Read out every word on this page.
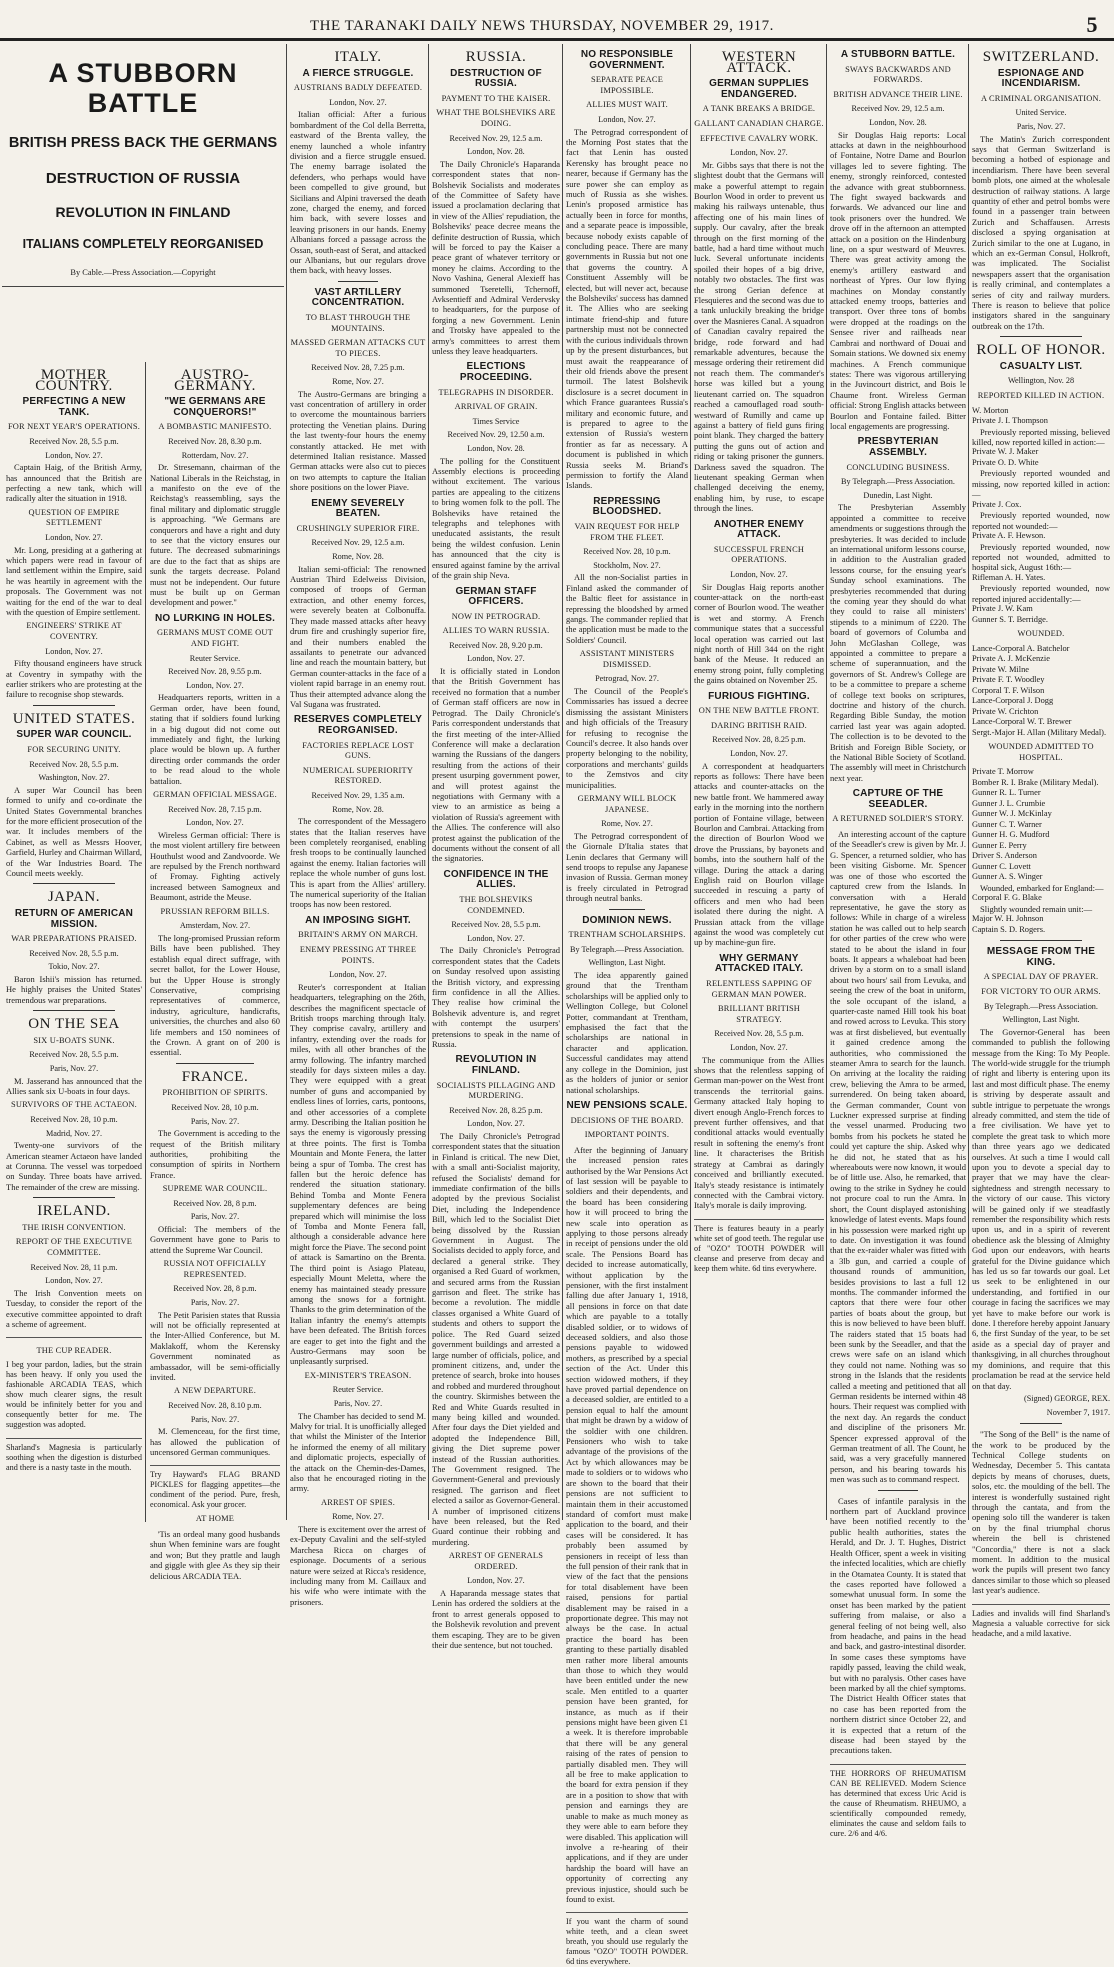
THE TARANAKI DAILY NEWS THURSDAY, NOVEMBER 29, 1917.	5
A STUBBORN BATTLE
BRITISH PRESS BACK THE GERMANS
DESTRUCTION OF RUSSIA
REVOLUTION IN FINLAND
ITALIANS COMPLETELY REORGANISED
By Cable.—Press Association.—Copyright
MOTHER COUNTRY.
PERFECTING A NEW TANK.
FOR NEXT YEAR'S OPERATIONS.
Received Nov. 28, 5.5 p.m.
London, Nov. 27.
Captain Haig, of the British Army, has announced that the British are perfecting a new tank, which will radically alter the situation in 1918.
QUESTION OF EMPIRE SETTLEMENT
London, Nov. 27.
Mr. Long, presiding at a gathering at which papers were read in favour of land settlement within the Empire, said he was heartily in agreement with the proposals. The Government was not waiting for the end of the war to deal with the question of Empire settlement.
ENGINEERS' STRIKE AT COVENTRY.
London, Nov. 27.
Fifty thousand engineers have struck at Coventry in sympathy with the earlier strikers who are protesting at the failure to recognise shop stewards.
UNITED STATES.
SUPER WAR COUNCIL.
FOR SECURING UNITY.
Received Nov. 28, 5.5 p.m.
Washington, Nov. 27.
A super War Council has been formed to unify and co-ordinate the United States Governmental branches for the more efficient prosecution of the war. It includes members of the Cabinet, as well as Messrs Hoover, Garfield, Hurley and Chairman Willard, of the War Industries Board. The Council meets weekly.
JAPAN.
RETURN OF AMERICAN MISSION.
WAR PREPARATIONS PRAISED.
Received Nov. 28, 5.5 p.m.
Tokio, Nov. 27.
Baron Ishii's mission has returned. He highly praises the United States' tremendous war preparations.
ON THE SEA
SIX U-BOATS SUNK.
Received Nov. 28, 5.5 p.m.
Paris, Nov. 27.
M. Jasserand has announced that the Allies sank six U-boats in four days.
SURVIVORS OF THE ACTAEON.
Received Nov. 28, 10 p.m.
Madrid, Nov. 27.
Twenty-one survivors of the American steamer Actaeon have landed at Corunna. The vessel was torpedoed on Sunday. Three boats have arrived. The remainder of the crew are missing.
IRELAND.
THE IRISH CONVENTION.
REPORT OF THE EXECUTIVE COMMITTEE.
Received Nov. 28, 11 p.m.
London, Nov. 27.
The Irish Convention meets on Tuesday, to consider the report of the executive committee appointed to draft a scheme of agreement.
THE CUP READER.
I beg your pardon, ladies, but the strain has been heavy. If only you used the fashionable ARCADIA TEAS, which show much clearer signs, the result would be infinitely better for you and consequently better for me. The suggestion was adopted.
Sharland's Magnesia is particularly soothing when the digestion is disturbed and there is a nasty taste in the mouth.
AUSTRO-GERMANY.
"WE GERMANS ARE CONQUERORS!"
A BOMBASTIC MANIFESTO.
Received Nov. 28, 8.30 p.m.
Rotterdam, Nov. 27.
Dr. Stresemann, chairman of the National Liberals in the Reichstag, in a manifesto on the eve of the Reichstag's reassembling, says the final military and diplomatic struggle is approaching. "We Germans are conquerors and have a right and duty to see that the victory ensures our future. The decreased submarinings are due to the fact that as ships are sunk the targets decrease. Poland must not be independent. Our future must be built up on German development and power."
NO LURKING IN HOLES.
GERMANS MUST COME OUT AND FIGHT.
Reuter Service.
Received Nov. 28, 9.55 p.m.
London, Nov. 27.
Headquarters reports, written in a German order, have been found, stating that if soldiers found lurking in a big dugout did not come out immediately and fight, the lurking place would be blown up. A further directing order commands the order to be read aloud to the whole battalion.
GERMAN OFFICIAL MESSAGE.
Received Nov. 28, 7.15 p.m.
London, Nov. 27.
Wireless German official: There is the most violent artillery fire between Houthulst wood and Zandvoorde. We are repulsed by the French northward of Fromay. Fighting actively increased between Samogneux and Beaumont, astride the Meuse.
PRUSSIAN REFORM BILLS.
Amsterdam, Nov. 27.
The long-promised Prussian reform Bills have been published. They establish equal direct suffrage, with secret ballot, for the Lower House, but the Upper House is strongly Conservative, comprising representatives of commerce, industry, agriculture, handicrafts, universities, the churches and also 60 life members and 150 nominees of the Crown. A grant on of 200 is essential.
FRANCE.
PROHIBITION OF SPIRITS.
Received Nov. 28, 10 p.m.
Paris, Nov. 27.
The Government is acceding to the request of the British military authorities, prohibiting the consumption of spirits in Northern France.
SUPREME WAR COUNCIL.
Received Nov. 28, 8 p.m.
Paris, Nov. 27.
Official: The members of the Government have gone to Paris to attend the Supreme War Council.
RUSSIA NOT OFFICIALLY REPRESENTED.
Received Nov. 28, 8 p.m.
Paris, Nov. 27.
The Petit Parisien states that Russia will not be officially represented at the Inter-Allied Conference, but M. Maklakoff, whom the Kerensky Government nominated as ambassador, will be semi-officially invited.
A NEW DEPARTURE.
Received Nov. 28, 8.10 p.m.
Paris, Nov. 27.
M. Clemenceau, for the first time, has allowed the publication of uncensored German communiques.
Try Hayward's FLAG BRAND PICKLES for flagging appetites—the condiment of the period. Pure, fresh, economical. Ask your grocer.
AT HOME
'Tis an ordeal many good husbands shun When feminine wars are fought and won; But they prattle and laugh and giggle with glee As they sip their delicious ARCADIA TEA.
ITALY.
A FIERCE STRUGGLE.
AUSTRIANS BADLY DEFEATED.
London, Nov. 27.
Italian official: After a furious bombardment of the Col della Berretta, eastward of the Brenta valley, the enemy launched a whole infantry division and a fierce struggle ensued. The enemy barrage isolated the defenders, who perhaps would have been compelled to give ground, but Sicilians and Alpini traversed the death zone, charged the enemy, and forced him back, with severe losses and leaving prisoners in our hands. Enemy Albanians forced a passage across the Ossan, south-east of Serat, and attacked our Albanians, but our regulars drove them back, with heavy losses.
VAST ARTILLERY CONCENTRATION.
TO BLAST THROUGH THE MOUNTAINS.
MASSED GERMAN ATTACKS CUT TO PIECES.
Received Nov. 28, 7.25 p.m.
Rome, Nov. 27.
The Austro-Germans are bringing a vast concentration of artillery in order to overcome the mountainous barriers protecting the Venetian plains. During the last twenty-four hours the enemy constantly attacked. He met with determined Italian resistance. Massed German attacks were also cut to pieces on two attempts to capture the Italian shore positions on the lower Piave.
ENEMY SEVERELY BEATEN.
CRUSHINGLY SUPERIOR FIRE.
Received Nov. 29, 12.5 a.m.
Rome, Nov. 28.
Italian semi-official: The renowned Austrian Third Edelweiss Division, composed of troops of German extraction, and other enemy forces, were severely beaten at Colbonuffa. They made massed attacks after heavy drum fire and crushingly superior fire, and their numbers enabled the assailants to penetrate our advanced line and reach the mountain battery, but German counter-attacks in the face of a violent rapid barrage in an enemy rout. Thus their attempted advance along the Val Sugana was frustrated.
RESERVES COMPLETELY REORGANISED.
FACTORIES REPLACE LOST GUNS.
NUMERICAL SUPERIORITY RESTORED.
Received Nov. 29, 1.35 a.m.
Rome, Nov. 28.
The correspondent of the Messagero states that the Italian reserves have been completely reorganised, enabling fresh troops to be continually launched against the enemy. Italian factories will replace the whole number of guns lost. This is apart from the Allies' artillery. The numerical superiority of the Italian troops has now been restored.
AN IMPOSING SIGHT.
BRITAIN'S ARMY ON MARCH.
ENEMY PRESSING AT THREE POINTS.
London, Nov. 27.
Reuter's correspondent at Italian headquarters, telegraphing on the 26th, describes the magnificent spectacle of British troops marching through Italy. They comprise cavalry, artillery and infantry, extending over the roads for miles, with all other branches of the army following. The infantry marched steadily for days sixteen miles a day. They were equipped with a great number of guns and accompanied by endless lines of lorries, carts, pontoons, and other accessories of a complete army. Describing the Italian position he says the enemy is vigorously pressing at three points. The first is Tomba Mountain and Monte Fenera, the latter being a spur of Tomba. The crest has fallen but the heroic defence has rendered the situation stationary. Behind Tomba and Monte Fenera supplementary defences are being prepared which will minimise the loss of Tomba and Monte Fenera fall, although a considerable advance here might force the Piave. The second point of attack is Samartino on the Brenta. The third point is Asiago Plateau, especially Mount Meletta, where the enemy has maintained steady pressure among the snows for a fortnight. Thanks to the grim determination of the Italian infantry the enemy's attempts have been defeated. The British forces are eager to get into the fight and the Austro-Germans may soon be unpleasantly surprised.
EX-MINISTER'S TREASON.
Reuter Service.
Paris, Nov. 27.
The Chamber has decided to send M. Malvy for trial. It is unofficially alleged that whilst the Minister of the Interior he informed the enemy of all military and diplomatic projects, especially of the attack on the Chemin-des-Dames, also that he encouraged rioting in the army.
ARREST OF SPIES.
Rome, Nov. 27.
There is excitement over the arrest of ex-Deputy Cavalini and the self-styled Marchesa Ricca on charges of espionage. Documents of a serious nature were seized at Ricca's residence, including many from M. Caillaux and his wife who were intimate with the prisoners.
RUSSIA.
DESTRUCTION OF RUSSIA.
PAYMENT TO THE KAISER.
WHAT THE BOLSHEVIKS ARE DOING.
Received Nov. 29, 12.5 a.m.
London, Nov. 28.
The Daily Chronicle's Haparanda correspondent states that non-Bolshevik Socialists and moderates of the Committee of Safety have issued a proclamation declaring that in view of the Allies' repudiation, the Bolsheviks' peace decree means the definite destruction of Russia, which will be forced to pay the Kaiser a peace grant of whatever territory or money he claims. According to the Novo Vashina, General Alexieff has summoned Tseretelli, Tchernoff, Avksentieff and Admiral Verdervsky to headquarters, for the purpose of forging a new Government. Lenin and Trotsky have appealed to the army's committees to arrest them unless they leave headquarters.
ELECTIONS PROCEEDING.
TELEGRAPHS IN DISORDER.
ARRIVAL OF GRAIN.
Times Service
Received Nov. 29, 12.50 a.m.
London, Nov. 28.
The polling for the Constituent Assembly elections is proceeding without excitement. The various parties are appealing to the citizens to bring women folk to the poll. The Bolsheviks have retained the telegraphs and telephones with uneducated assistants, the result being the wildest confusion. Lenin has announced that the city is ensured against famine by the arrival of the grain ship Neva.
GERMAN STAFF OFFICERS.
NOW IN PETROGRAD.
ALLIES TO WARN RUSSIA.
Received Nov. 28, 9.20 p.m.
London, Nov. 27.
It is officially stated in London that the British Government has received no formation that a number of German staff officers are now in Petrograd. The Daily Chronicle's Paris correspondent understands that the first meeting of the inter-Allied Conference will make a declaration warning the Russians of the dangers resulting from the actions of their present usurping government power, and will protest against the negotiations with Germany with a view to an armistice as being a violation of Russia's agreement with the Allies. The conference will also protest against the publication of the documents without the consent of all the signatories.
CONFIDENCE IN THE ALLIES.
THE BOLSHEVIKS CONDEMNED.
Received Nov. 28, 5.5 p.m.
London, Nov. 27.
The Daily Chronicle's Petrograd correspondent states that the Cadets on Sunday resolved upon assisting the British victory, and expressing firm confidence in all the Allies. They realise how criminal the Bolshevik adventure is, and regret with contempt the usurpers' pretensions to speak in the name of Russia.
REVOLUTION IN FINLAND.
SOCIALISTS PILLAGING AND MURDERING.
Received Nov. 28, 8.25 p.m.
London, Nov. 27.
The Daily Chronicle's Petrograd correspondent states that the situation in Finland is critical. The new Diet, with a small anti-Socialist majority, refused the Socialists' demand for immediate confirmation of the bills adopted by the previous Socialist Diet, including the Independence Bill, which led to the Socialist Diet being dissolved by the Russian Government in August. The Socialists decided to apply force, and declared a general strike. They organised a Red Guard of workmen, and secured arms from the Russian garrison and fleet. The strike has become a revolution. The middle classes organised a White Guard of students and others to support the police. The Red Guard seized government buildings and arrested a large number of officials, police, and prominent citizens, and, under the pretence of search, broke into houses and robbed and murdered throughout the country. Skirmishes between the Red and White Guards resulted in many being killed and wounded. After four days the Diet yielded and adopted the Independence Bill, giving the Diet supreme power instead of the Russian authorities. The Government resigned. The Government-General and previously resigned. The garrison and fleet elected a sailor as Governor-General. A number of imprisoned citizens have been released, but the Red Guard continue their robbing and murdering.
ARREST OF GENERALS ORDERED.
London, Nov. 27.
A Haparanda message states that Lenin has ordered the soldiers at the front to arrest generals opposed to the Bolshevik revolution and prevent them escaping. They are to be given their due sentence, but not touched.
NO RESPONSIBLE GOVERNMENT.
SEPARATE PEACE IMPOSSIBLE.
ALLIES MUST WAIT.
London, Nov. 27.
The Petrograd correspondent of the Morning Post states that the fact that Lenin has ousted Kerensky has brought peace no nearer, because if Germany has the sure power she can employ as much of Russia as she wishes. Lenin's proposed armistice has actually been in force for months, and a separate peace is impossible, because nobody exists capable of concluding peace. There are many governments in Russia but not one that governs the country. A Constituent Assembly will be elected, but will never act, because the Bolsheviks' success has damned it. The Allies who are seeking intimate friend-ship and future partnership must not be connected with the curious individuals thrown up by the present disturbances, but must await the reappearance of their old friends above the present turmoil. The latest Bolshevik disclosure is a secret document in which France guarantees Russia's military and economic future, and is prepared to agree to the extension of Russia's western frontier as far as necessary. A document is published in which Russia seeks M. Briand's permission to fortify the Aland Islands.
REPRESSING BLOODSHED.
VAIN REQUEST FOR HELP FROM THE FLEET.
Received Nov. 28, 10 p.m.
Stockholm, Nov. 27.
All the non-Socialist parties in Finland asked the commander of the Baltic fleet for assistance in repressing the bloodshed by armed gangs. The commander replied that the application must be made to the Soldiers' Council.
ASSISTANT MINISTERS DISMISSED.
Petrograd, Nov. 27.
The Council of the People's Commissaries has issued a decree dismissing the assistant Ministers and high officials of the Treasury for refusing to recognise the Council's decree. It also hands over property belonging to the nobility, corporations and merchants' guilds to the Zemstvos and city municipalities.
GERMANY WILL BLOCK JAPANESE.
Rome, Nov. 27.
The Petrograd correspondent of the Giornale D'Italia states that Lenin declares that Germany will send troops to repulse any Japanese invasion of Russia. German money is freely circulated in Petrograd through neutral banks.
DOMINION NEWS.
TRENTHAM SCHOLARSHIPS.
By Telegraph.—Press Association.
Wellington, Last Night.
The idea apparently gained ground that the Trentham scholarships will be applied only to Wellington College, but Colonel Potter, commandant at Trentham, emphasised the fact that the scholarships are national in character and application. Successful candidates may attend any college in the Dominion, just as the holders of junior or senior national scholarships.
NEW PENSIONS SCALE.
DECISIONS OF THE BOARD.
IMPORTANT POINTS.
After the beginning of January the increased pension rates authorised by the War Pensions Act of last session will be payable to soldiers and their dependents, and the board has been considering how it will proceed to bring the new scale into operation as applying to those persons already in receipt of pensions under the old scale. The Pensions Board has decided to increase automatically, without application by the pensioner, with the first instalment falling due after January 1, 1918, all pensions in force on that date which are payable to a totally disabled soldier, or to widows of deceased soldiers, and also those pensions payable to widowed mothers, as prescribed by a special section of the Act. Under this section widowed mothers, if they have proved partial dependence on a deceased soldier, are entitled to a pension equal to half the amount that might be drawn by a widow of the soldier with one children. Pensioners who wish to take advantage of the provisions of the Act by which allowances may be made to soldiers or to widows who are shown to the board that their pensions are not sufficient to maintain them in their accustomed standard of comfort must make application to the board, and their cases will be considered. It has probably been assumed by pensioners in receipt of less than the full pension of their rank that in view of the fact that the pensions for total disablement have been raised, pensions for partial disablement may be raised in a proportionate degree. This may not always be the case. In actual practice the board has been granting to these partially disabled men rather more liberal amounts than those to which they would have been entitled under the new scale. Men entitled to a quarter pension have been granted, for instance, as much as if their pensions might have been given £1 a week. It is therefore improbable that there will be any general raising of the rates of pension to partially disabled men. They will all be free to make application to the board for extra pension if they are in a position to show that with pension and earnings they are unable to make as much money as they were able to earn before they were disabled. This application will involve a re-hearing of their applications, and if they are under hardship the board will have an opportunity of correcting any previous injustice, should such be found to exist.
If you want the charm of sound white teeth, and a clean sweet breath, you should use regularly the famous "OZO" TOOTH POWDER. 6d tins everywhere.
WESTERN ATTACK.
GERMAN SUPPLIES ENDANGERED.
A TANK BREAKS A BRIDGE.
GALLANT CANADIAN CHARGE.
EFFECTIVE CAVALRY WORK.
London, Nov. 27.
Mr. Gibbs says that there is not the slightest doubt that the Germans will make a powerful attempt to regain Bourlon Wood in order to prevent us making his railways untenable, thus affecting one of his main lines of supply. Our cavalry, after the break through on the first morning of the battle, had a hard time without much luck. Several unfortunate incidents spoiled their hopes of a big drive, notably two obstacles. The first was the strong Gerian defence at Flesquieres and the second was due to a tank unluckily breaking the bridge over the Masnieres Canal. A squadron of Canadian cavalry repaired the bridge, rode forward and had remarkable adventures, because the message ordering their retirement did not reach them. The commander's horse was killed but a young lieutenant carried on. The squadron reached a camouflaged road south-westward of Rumilly and came up against a battery of field guns firing point blank. They charged the battery putting the guns out of action and riding or taking prisoner the gunners. Darkness saved the squadron. The lieutenant speaking German when challenged deceiving the enemy, enabling him, by ruse, to escape through the lines.
ANOTHER ENEMY ATTACK.
SUCCESSFUL FRENCH OPERATIONS.
London, Nov. 27.
Sir Douglas Haig reports another counter-attack on the north-east corner of Bourlon wood. The weather is wet and stormy. A French communique states that a successful local operation was carried out last night north of Hill 344 on the right bank of the Meuse. It reduced an enemy strong point, fully completing the gains obtained on November 25.
FURIOUS FIGHTING.
ON THE NEW BATTLE FRONT.
DARING BRITISH RAID.
Received Nov. 28, 8.25 p.m.
London, Nov. 27.
A correspondent at headquarters reports as follows: There have been attacks and counter-attacks on the new battle front. We hammered away early in the morning into the northern portion of Fontaine village, between Bourlon and Cambrai. Attacking from the direction of Bourlon Wood we drove the Prussians, by bayonets and bombs, into the southern half of the village. During the attack a daring English raid on Bourlon village succeeded in rescuing a party of officers and men who had been isolated there during the night. A Prussian attack from the village against the wood was completely cut up by machine-gun fire.
WHY GERMANY ATTACKED ITALY.
RELENTLESS SAPPING OF GERMAN MAN POWER.
BRILLIANT BRITISH STRATEGY.
Received Nov. 28, 5.5 p.m.
London, Nov. 27.
The communique from the Allies shows that the relentless sapping of German man-power on the West front transcends the territorial gains. Germany attacked Italy hoping to divert enough Anglo-French forces to prevent further offensives, and that conditional attacks would eventually result in softening the enemy's front line. It characterises the British strategy at Cambrai as daringly conceived and brilliantly executed. Italy's steady resistance is intimately connected with the Cambrai victory. Italy's morale is daily improving.
There is features beauty in a pearly white set of good teeth. The regular use of "OZO" TOOTH POWDER will cleanse and preserve from decay and keep them white. 6d tins everywhere.
A STUBBORN BATTLE.
SWAYS BACKWARDS AND FORWARDS.
BRITISH ADVANCE THEIR LINE.
Received Nov. 29, 12.5 a.m.
London, Nov. 28.
Sir Douglas Haig reports: Local attacks at dawn in the neighbourhood of Fontaine, Notre Dame and Bourlon villages led to severe fighting. The enemy, strongly reinforced, contested the advance with great stubbornness. The fight swayed backwards and forwards. We advanced our line and took prisoners over the hundred. We drove off in the afternoon an attempted attack on a position on the Hindenburg line, on a spur westward of Meuvres. There was great activity among the enemy's artillery eastward and northeast of Ypres. Our low flying machines on Monday constantly attacked enemy troops, batteries and transport. Over three tons of bombs were dropped at the roadings on the Sensee river and railheads near Cambrai and northward of Douai and Somain stations. We downed six enemy machines. A French communique states: There was vigorous artillerying in the Juvincourt district, and Bois le Chaume front. Wireless German official: Strong English attacks between Bourlon and Fontaine failed. Bitter local engagements are progressing.
PRESBYTERIAN ASSEMBLY.
CONCLUDING BUSINESS.
By Telegraph.—Press Association.
Dunedin, Last Night.
The Presbyterian Assembly appointed a committee to receive amendments or suggestions through the presbyteries. It was decided to include an international uniform lessons course, in addition to the Australian graded lessons course, for the ensuing year's Sunday school examinations. The presbyteries recommended that during the coming year they should do what they could to raise all ministers' stipends to a minimum of £220. The board of governors of Columba and John McGlashan College, was appointed a committee to prepare a scheme of superannuation, and the governors of St. Andrew's College are to be a committee to prepare a scheme of college text books on scriptures, doctrine and history of the church. Regarding Bible Sunday, the motion carried last year was again adopted. The collection is to be devoted to the British and Foreign Bible Society, or the National Bible Society of Scotland. The assembly will meet in Christchurch next year.
CAPTURE OF THE SEEADLER.
A RETURNED SOLDIER'S STORY.
An interesting account of the capture of the Seeadler's crew is given by Mr. J. G. Spencer, a returned soldier, who has been visiting Gisborne. Mr. Spencer was one of those who escorted the captured crew from the Islands. In conversation with a Herald representative, he gave the story as follows: While in charge of a wireless station he was called out to help search for other parties of the crew who were stated to be about the island in four boats. It appears a whaleboat had been driven by a storm on to a small island about two hours' sail from Levuka, and seeing the crew of the boat in uniform, the sole occupant of the island, a quarter-caste named Hill took his boat and rowed across to Levuka. This story was at first disbelieved, but eventually it gained credence among the authorities, who commissioned the steamer Amra to search for the launch. On arriving at the locality the raiding crew, believing the Amra to be armed, surrendered. On being taken aboard, the German commander, Count von Luckner expressed surprise at finding the vessel unarmed. Producing two bombs from his pockets he stated he could yet capture the ship. Asked why he did not, he stated that as his whereabouts were now known, it would be of little use. Also, he remarked, that owing to the strike in Sydney he could not procure coal to run the Amra. In short, the Count displayed astonishing knowledge of latest events. Maps found in his possession were marked right up to date. On investigation it was found that the ex-raider whaler was fitted with a 3lb gun, and carried a couple of thousand rounds of ammunition, besides provisions to last a full 12 months. The commander informed the captors that there were four other parties of boats about the group, but this is now believed to have been bluff. The raiders stated that 15 boats had been sunk by the Seeadler, and that the crews were safe on an island which they could not name. Nothing was so strong in the Islands that the residents called a meeting and petitioned that all German residents be interned within 48 hours. Their request was complied with the next day. An regards the conduct and discipline of the prisoners Mr. Spencer expressed approval of the German treatment of all. The Count, he said, was a very gracefully mannered person, and his bearing towards his men was such as to command respect.
Cases of infantile paralysis in the northern part of Auckland province have been notified recently to the public health authorities, states the Herald, and Dr. J. T. Hughes, District Health Officer, spent a week in visiting the infected localities, which are chiefly in the Otamatea County. It is stated that the cases reported have followed a somewhat unusual form. In some the onset has been marked by the patient suffering from malaise, or also a general feeling of not being well, also from headache, and pains in the head and back, and gastro-intestinal disorder. In some cases these symptoms have rapidly passed, leaving the child weak, but with no paralysis. Other cases have been marked by all the chief symptoms. The District Health Officer states that no case has been reported from the northern district since October 22, and it is expected that a return of the disease had been stayed by the precautions taken.
THE HORRORS OF RHEUMATISM CAN BE RELIEVED. Modern Science has determined that excess Uric Acid is the cause of Rheumatism. RHEUMO, a scientifically compounded remedy, eliminates the cause and seldom fails to cure. 2/6 and 4/6.
SWITZERLAND.
ESPIONAGE AND INCENDIARISM.
A CRIMINAL ORGANISATION.
United Service.
Paris, Nov. 27.
The Matin's Zurich correspondent says that German Switzerland is becoming a hotbed of espionage and incendiarism. There have been several bomb plots, one aimed at the wholesale destruction of railway stations. A large quantity of ether and petrol bombs were found in a passenger train between Zurich and Schaffausen. Arrests disclosed a spying organisation at Zurich similar to the one at Lugano, in which an ex-German Consul, Holkroft, was implicated. The Socialist newspapers assert that the organisation is really criminal, and contemplates a series of city and railway murders. There is reason to believe that police instigators shared in the sanguinary outbreak on the 17th.
ROLL OF HONOR.
CASUALTY LIST.
Wellington, Nov. 28
REPORTED KILLED IN ACTION.
W. Morton
Private J. I. Thompson
Previously reported missing, believed killed, now reported killed in action:—
Private W. J. Maker
Private O. D. White
Previously reported wounded and missing, now reported killed in action:—
Private J. Cox.
Previously reported wounded, now reported not wounded:—
Private A. F. Hewson.
Previously reported wounded, now reported not wounded, admitted to hospital sick, August 16th:—
Rifleman A. H. Yates.
Previously reported wounded, now reported injured accidentally:—
Private J. W. Kam
Gunner S. T. Berridge.
WOUNDED.
Lance-Corporal A. Batchelor
Private A. J. McKenzie
Private W. Milne
Private F. T. Woodley
Corporal T. F. Wilson
Lance-Corporal J. Dogg
Private W. Crichton
Lance-Corporal W. T. Brewer
Sergt.-Major H. Allan (Military Medal).
WOUNDED ADMITTED TO HOSPITAL.
Private T. Morrow
Bomber R. I. Brake (Military Medal).
Gunner R. L. Turner
Gunner J. L. Crumbie
Gunner W. J. McKinlay
Gunner C. T. Warner
Gunner H. G. Mudford
Gunner E. Perry
Driver S. Anderson
Gunner C. Lovett
Gunner A. S. Winger
Wounded, embarked for England:—
Corporal F. G. Blake
Slightly wounded remain unit:—
Major W. H. Johnson
Captain S. D. Rogers.
MESSAGE FROM THE KING.
A SPECIAL DAY OF PRAYER.
FOR VICTORY TO OUR ARMS.
By Telegraph.—Press Association.
Wellington, Last Night.
The Governor-General has been commanded to publish the following message from the King: To My People. The world-wide struggle for the triumph of right and liberty is entering upon its last and most difficult phase. The enemy is striving by desperate assault and subtle intrigue to perpetuate the wrongs already committed, and stem the tide of a free civilisation. We have yet to complete the great task to which more than three years ago we dedicated ourselves. At such a time I would call upon you to devote a special day to prayer that we may have the clear-sightedness and strength necessary to the victory of our cause. This victory will be gained only if we steadfastly remember the responsibility which rests upon us, and in a spirit of reverent obedience ask the blessing of Almighty God upon our endeavors, with hearts grateful for the Divine guidance which has led us so far towards our goal. Let us seek to be enlightened in our understanding, and fortified in our courage in facing the sacrifices we may yet have to make before our work is done. I therefore hereby appoint January 6, the first Sunday of the year, to be set aside as a special day of prayer and thanksgiving, in all churches throughout my dominions, and require that this proclamation be read at the service held on that day.
(Signed) GEORGE, REX.
November 7, 1917.
"The Song of the Bell" is the name of the work to be produced by the Technical College students on Wednesday, December 5. This cantata depicts by means of choruses, duets, solos, etc. the moulding of the bell. The interest is wonderfully sustained right through the cantata, and from the opening solo till the wanderer is taken on by the final triumphal chorus wherein the bell is christened "Concordia," there is not a slack moment. In addition to the musical work the pupils will present two fancy dances similar to those which so pleased last year's audience.
Ladies and invalids will find Sharland's Magnesia a valuable corrective for sick headache, and a mild laxative.
